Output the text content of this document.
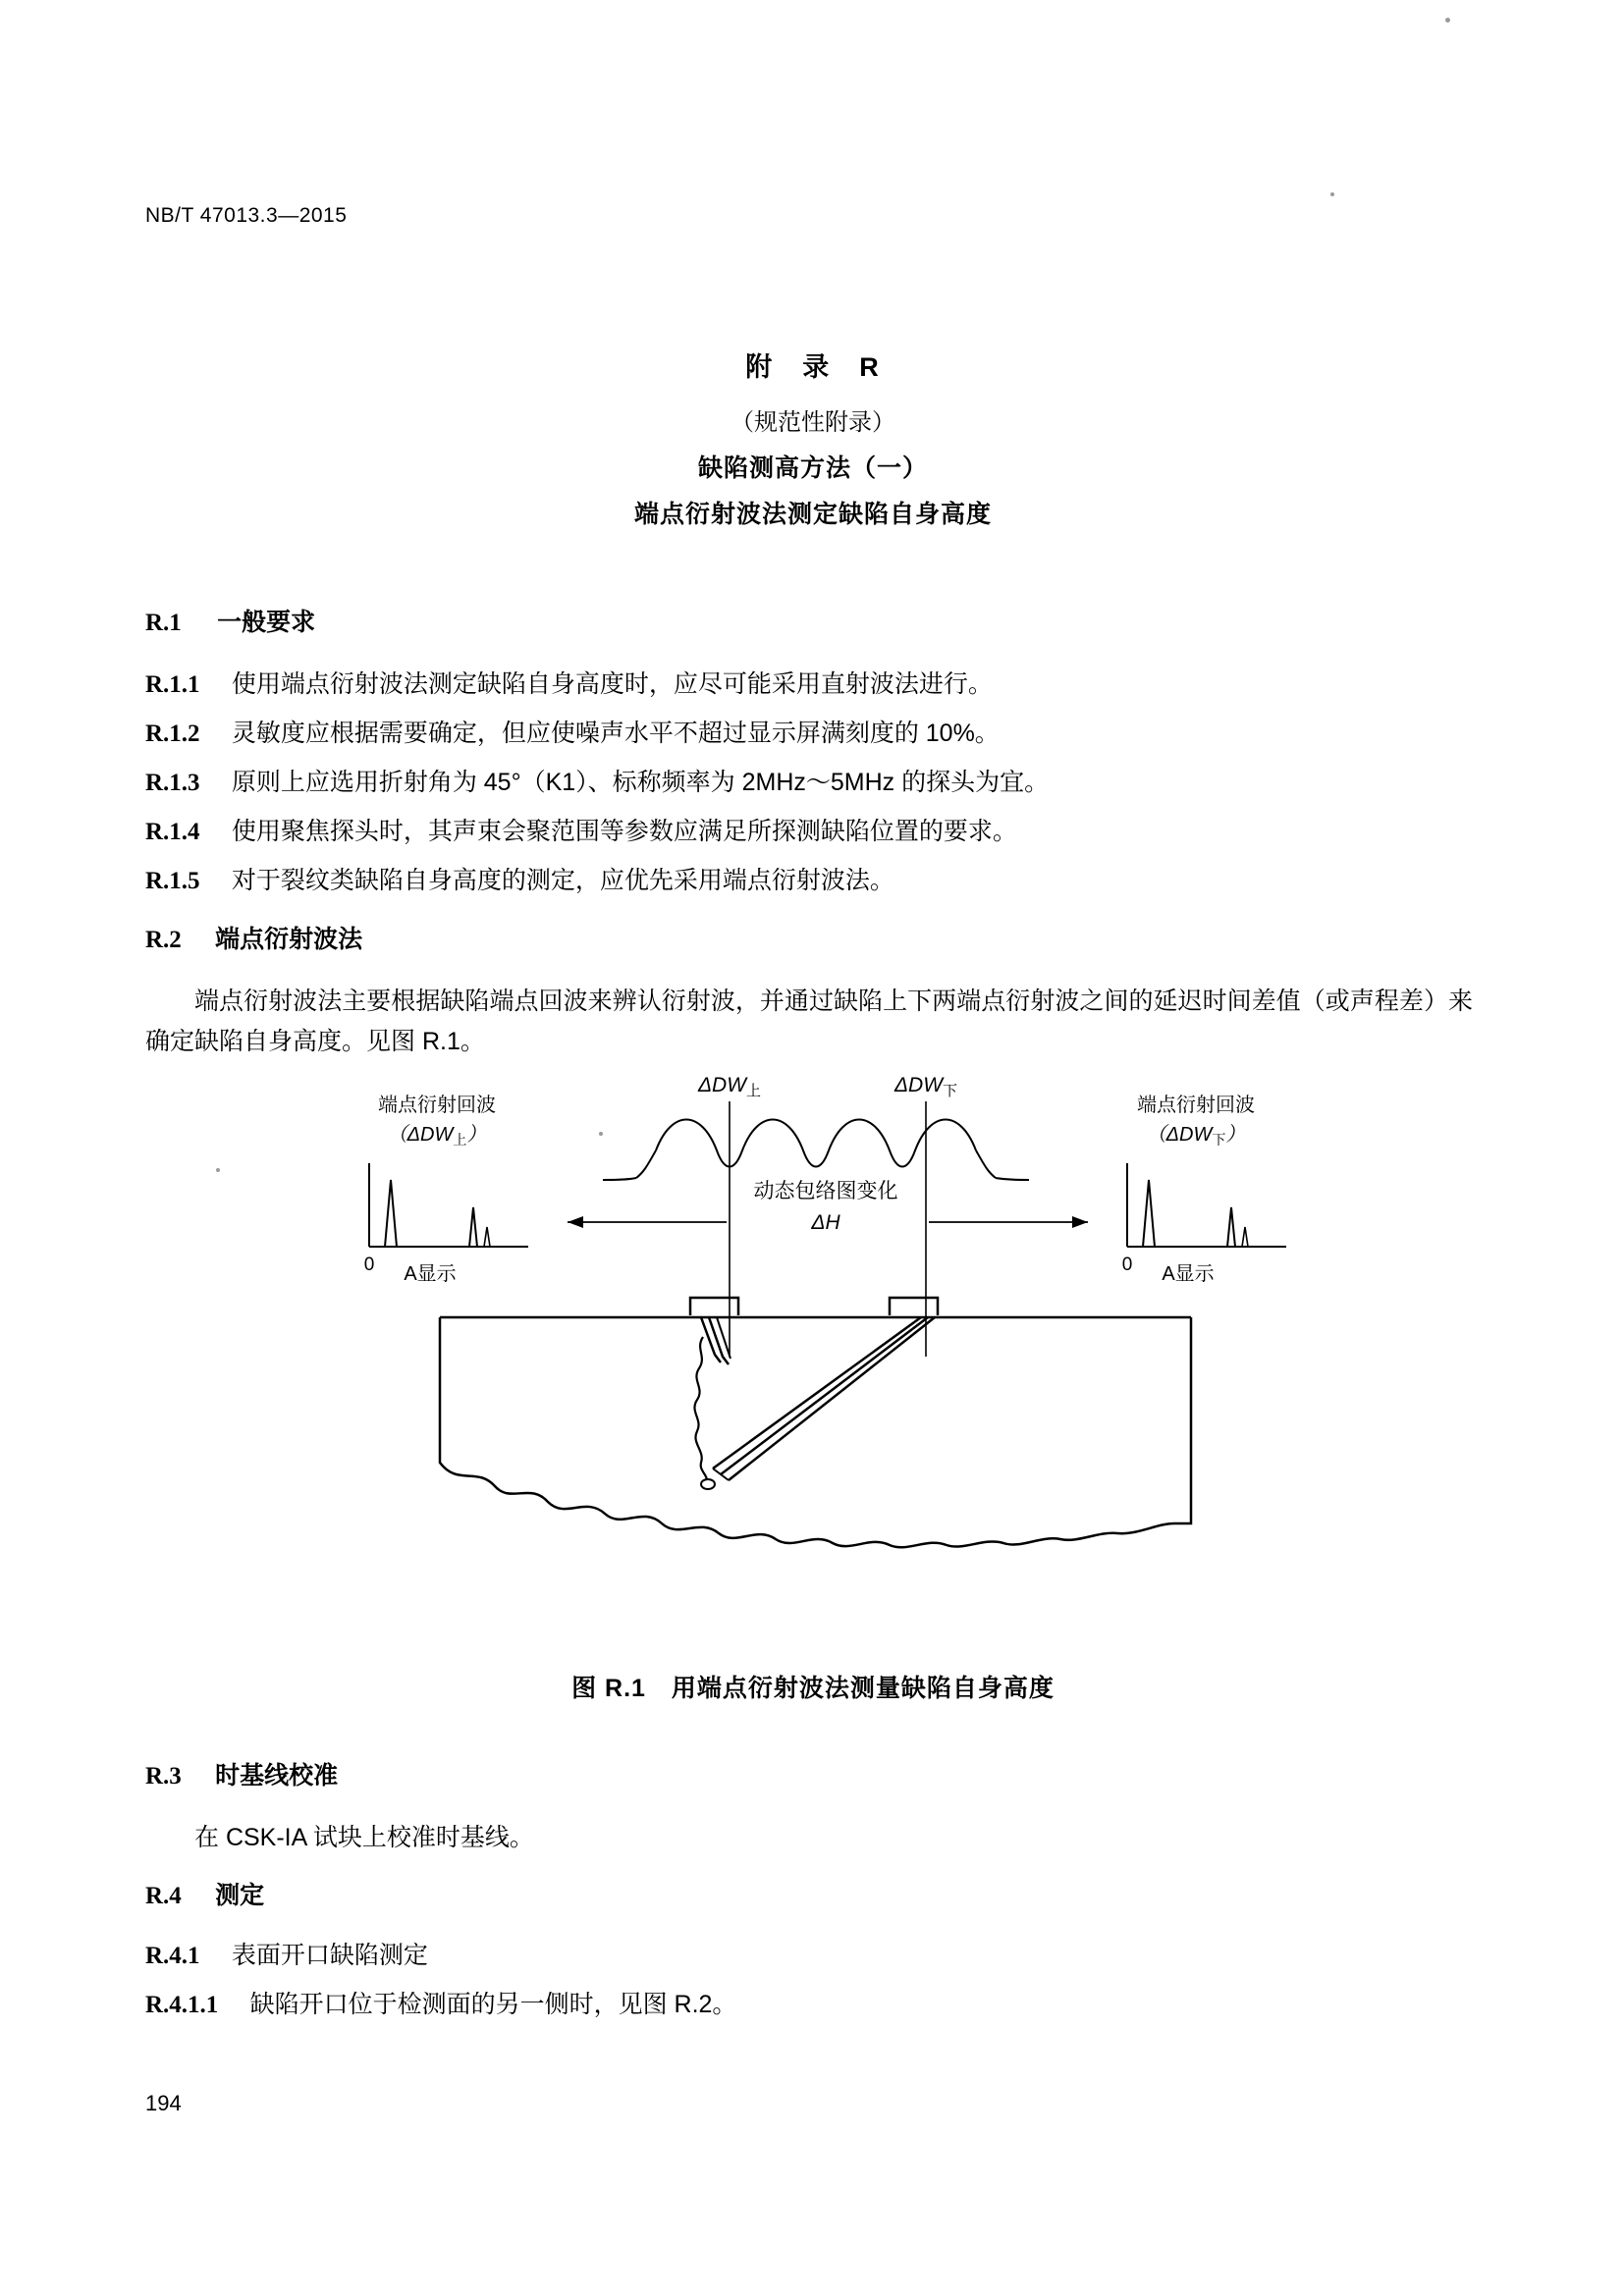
NB/T 47013.3—2015
附　录　R
（规范性附录）
缺陷测高方法（一）
端点衍射波法测定缺陷自身高度
R.1 一般要求
R.1.1 使用端点衍射波法测定缺陷自身高度时，应尽可能采用直射波法进行。
R.1.2 灵敏度应根据需要确定，但应使噪声水平不超过显示屏满刻度的 10%。
R.1.3 原则上应选用折射角为 45°（K1）、标称频率为 2MHz～5MHz 的探头为宜。
R.1.4 使用聚焦探头时，其声束会聚范围等参数应满足所探测缺陷位置的要求。
R.1.5 对于裂纹类缺陷自身高度的测定，应优先采用端点衍射波法。
R.2 端点衍射波法
端点衍射波法主要根据缺陷端点回波来辨认衍射波，并通过缺陷上下两端点衍射波之间的延迟时间差值（或声程差）来确定缺陷自身高度。见图 R.1。
ΔDW上	ΔDW下
动态包络图变化
ΔH
端点衍射回波
（ΔDW上）
0 A显示
端点衍射回波
（ΔDW下）
0 A显示
图 R.1　用端点衍射波法测量缺陷自身高度
R.3 时基线校准
在 CSK-IA 试块上校准时基线。
R.4 测定
R.4.1 表面开口缺陷测定
R.4.1.1 缺陷开口位于检测面的另一侧时，见图 R.2。
194
